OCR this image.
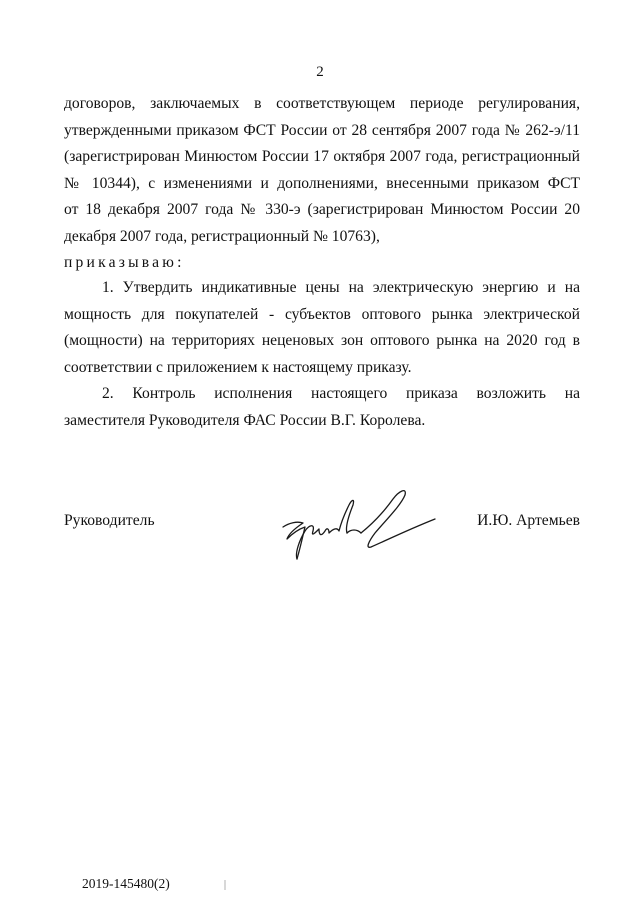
2
договоров, заключаемых в соответствующем периоде регулирования,
утвержденными приказом ФСТ России от 28 сентября 2007 года № 262-э/11
(зарегистрирован Минюстом России 17 октября 2007 года, регистрационный
№ 10344), с изменениями и дополнениями, внесенными приказом ФСТ
от 18 декабря 2007 года № 330-э (зарегистрирован Минюстом России 20
декабря 2007 года, регистрационный № 10763),
приказываю:
1. Утвердить индикативные цены на электрическую энергию и на
мощность для покупателей - субъектов оптового рынка электрической
(мощности) на территориях неценовых зон оптового рынка на 2020 год в
соответствии с приложением к настоящему приказу.
2. Контроль исполнения настоящего приказа возложить на
заместителя Руководителя ФАС России В.Г. Королева.
Руководитель	И.Ю. Артемьев
2019-145480(2)
